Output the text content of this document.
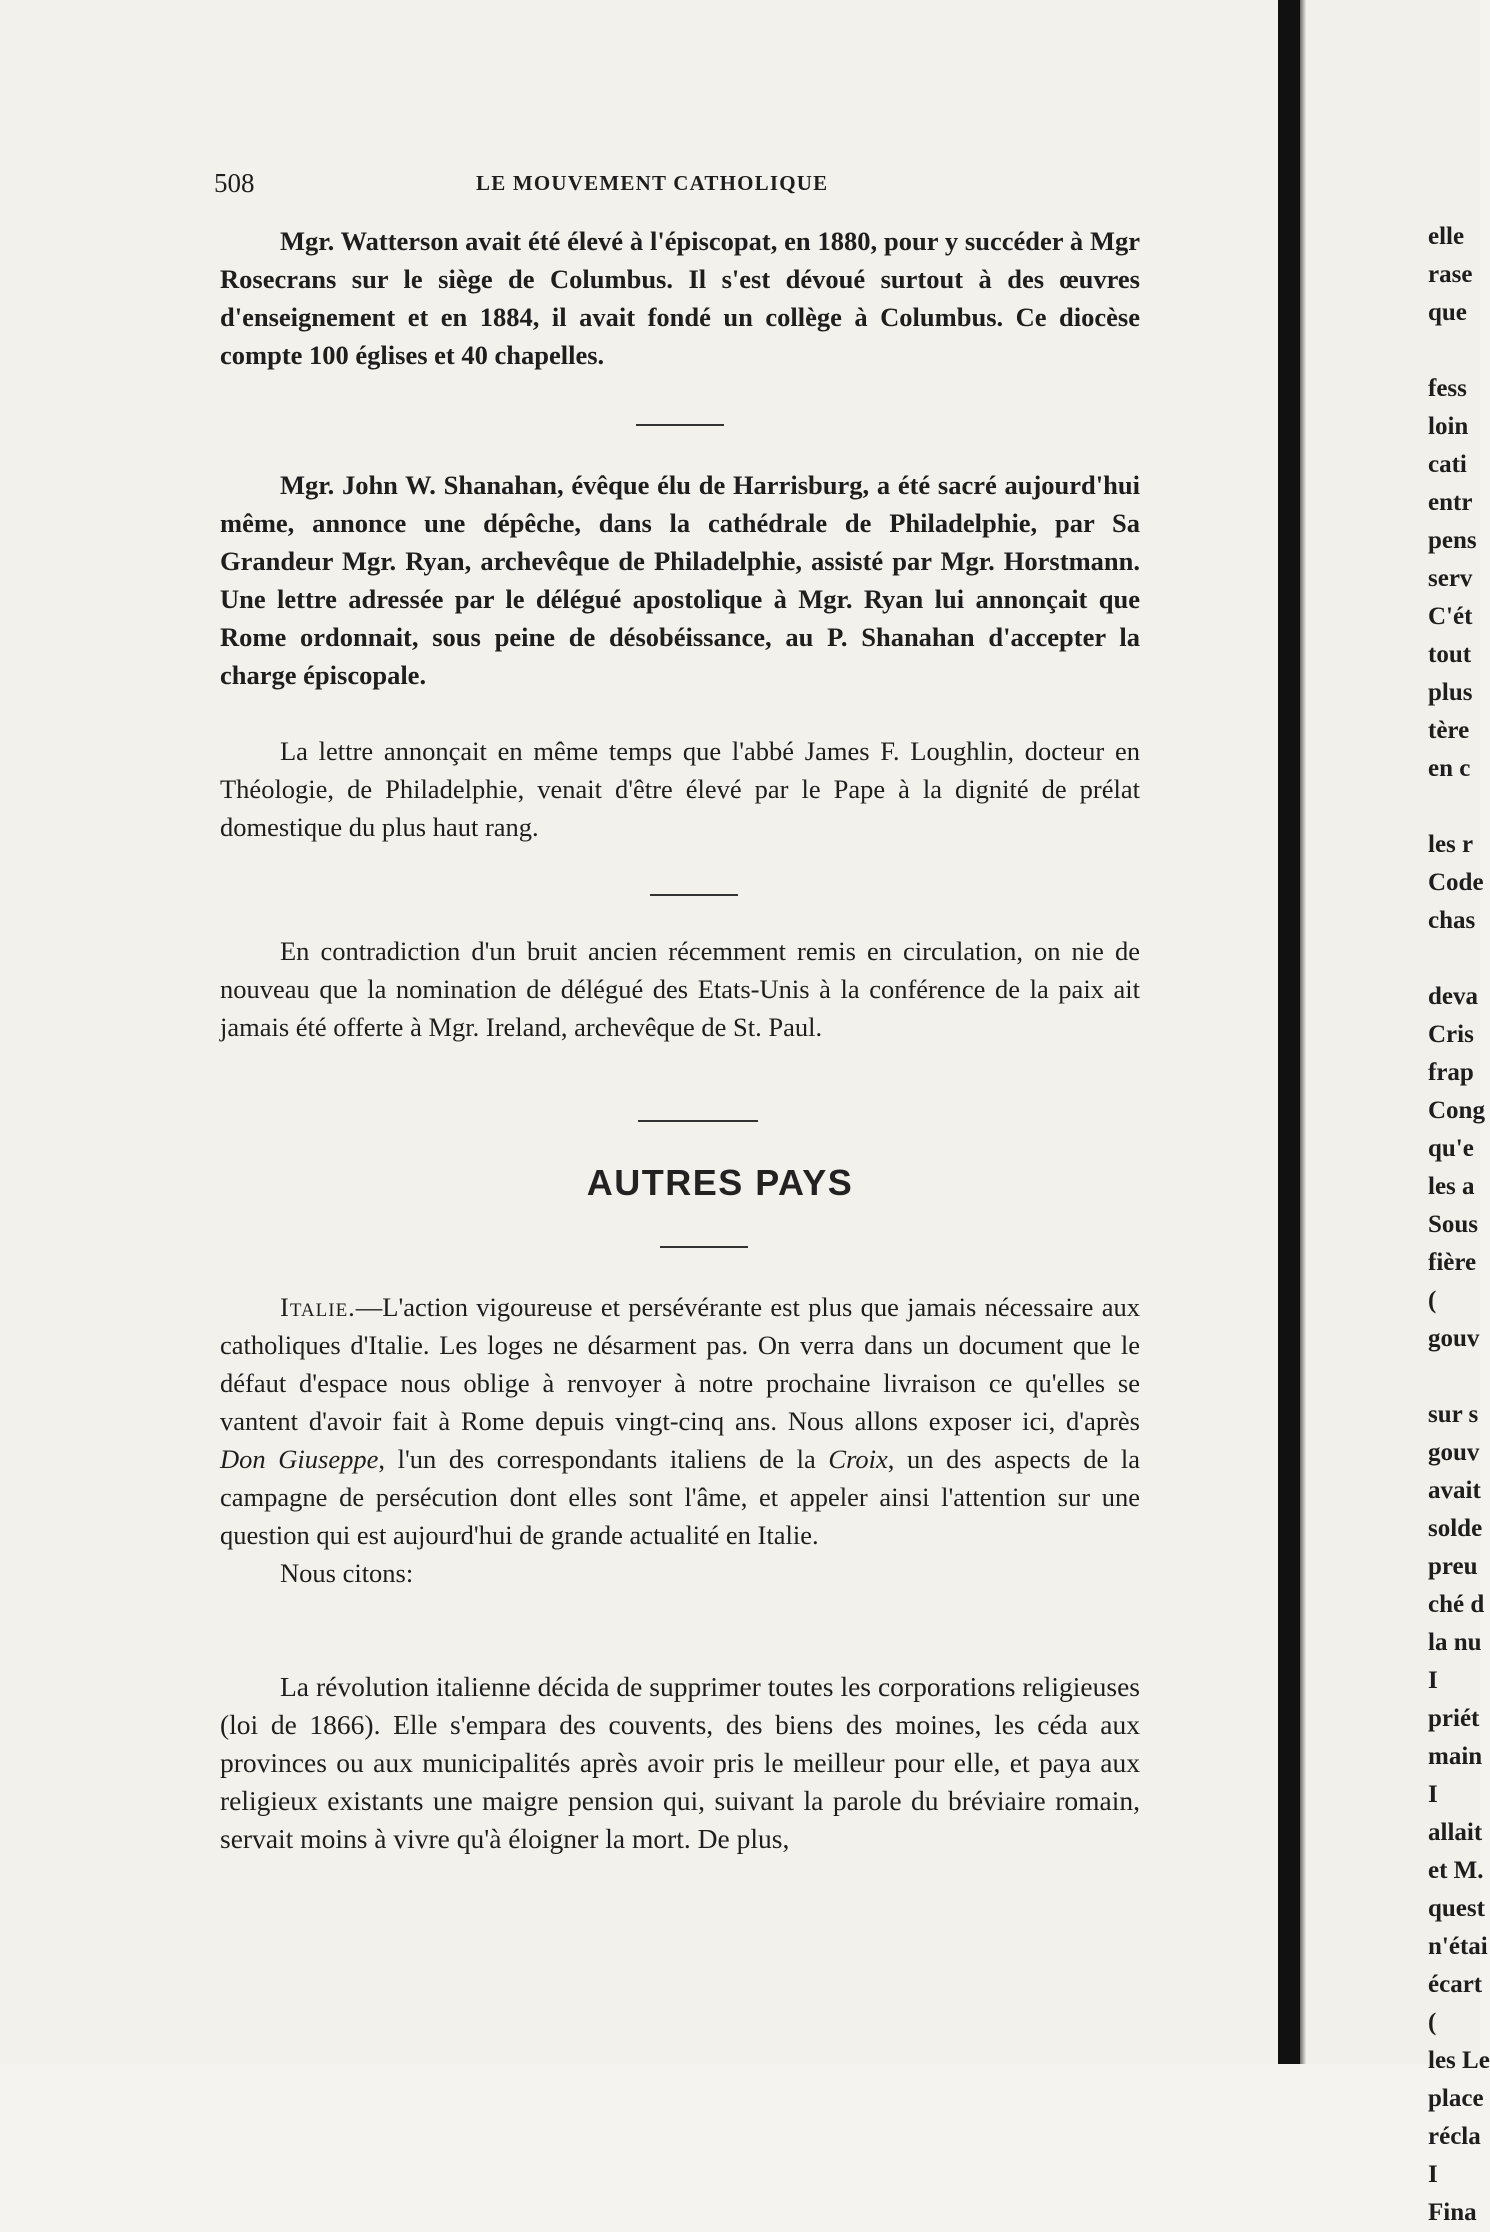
508	LE MOUVEMENT CATHOLIQUE

Mgr. Watterson avait été élevé à l'épiscopat, en 1880, pour y succéder à Mgr Rosecrans sur le siège de Columbus. Il s'est dévoué surtout à des œuvres d'enseignement et en 1884, il avait fondé un collège à Columbus. Ce diocèse compte 100 églises et 40 chapelles.

Mgr. John W. Shanahan, évêque élu de Harrisburg, a été sacré aujourd'hui même, annonce une dépêche, dans la cathédrale de Philadelphie, par Sa Grandeur Mgr. Ryan, archevêque de Philadelphie, assisté par Mgr. Horstmann. Une lettre adressée par le délégué apostolique à Mgr. Ryan lui annonçait que Rome ordonnait, sous peine de désobéissance, au P. Shanahan d'accepter la charge épiscopale.

La lettre annonçait en même temps que l'abbé James F. Loughlin, docteur en Théologie, de Philadelphie, venait d'être élevé par le Pape à la dignité de prélat domestique du plus haut rang.

En contradiction d'un bruit ancien récemment remis en circulation, on nie de nouveau que la nomination de délégué des Etats-Unis à la conférence de la paix ait jamais été offerte à Mgr. Ireland, archevêque de St. Paul.

AUTRES PAYS

Italie.—L'action vigoureuse et persévérante est plus que jamais nécessaire aux catholiques d'Italie. Les loges ne désarment pas. On verra dans un document que le défaut d'espace nous oblige à renvoyer à notre prochaine livraison ce qu'elles se vantent d'avoir fait à Rome depuis vingt-cinq ans. Nous allons exposer ici, d'après Don Giuseppe, l'un des correspondants italiens de la Croix, un des aspects de la campagne de persécution dont elles sont l'âme, et appeler ainsi l'attention sur une question qui est aujourd'hui de grande actualité en Italie.

Nous citons:

La révolution italienne décida de supprimer toutes les corporations religieuses (loi de 1866). Elle s'empara des couvents, des biens des moines, les céda aux provinces ou aux municipalités après avoir pris le meilleur pour elle, et paya aux religieux existants une maigre pension qui, suivant la parole du bréviaire romain, servait moins à vivre qu'à éloigner la mort. De plus,

elle
rase
que
fess
loin
cati
entr
pens
serv
C'ét
tout
plus
tère
en c
les r
Code
chas
deva
Cris
frap
Cong
qu'e
les a
Sous
fière
(
gouv
sur s
gouv
avait
solde
preu
ché d
la nu
I
priét
main
I
allait
et M.
quest
n'étai
écart
(
les Le
place
récla
I
Fina
